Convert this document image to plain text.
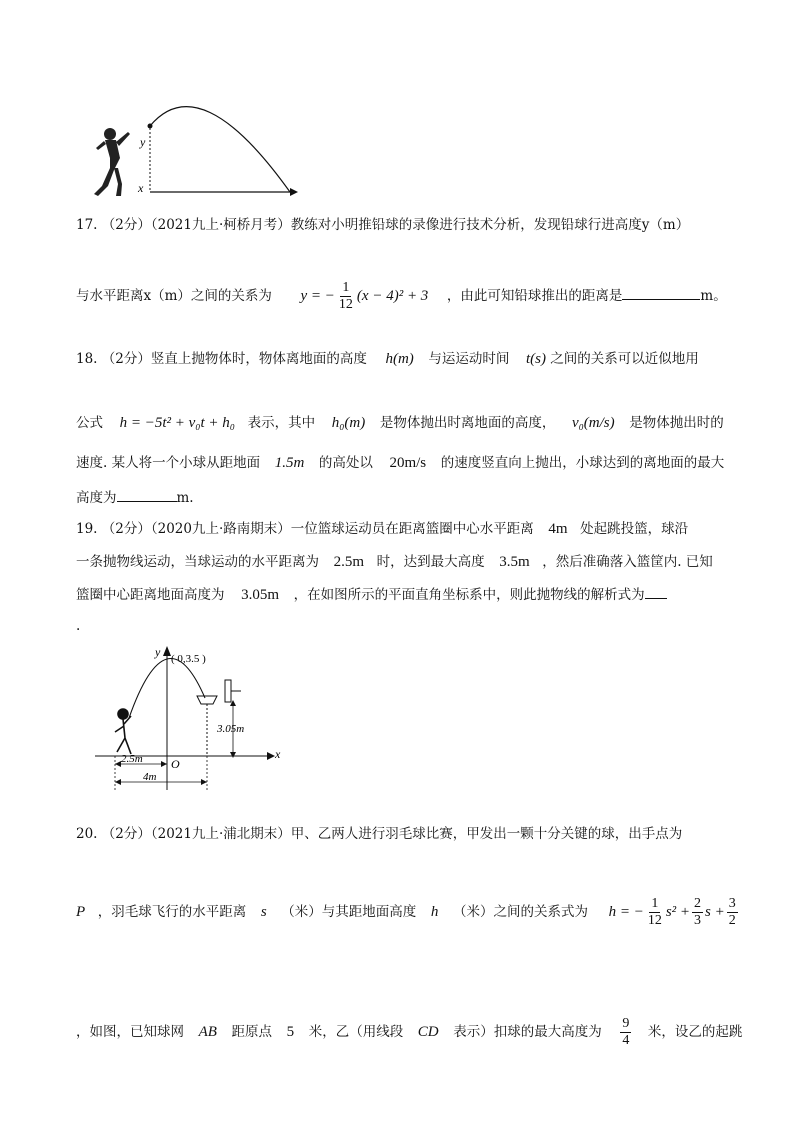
y
x
17. （2分）（2021九上·柯桥月考）教练对小明推铅球的录像进行技术分析，发现铅球行进高度y（m）
与水平距离x（m）之间的关系为 y = − $\frac{1}{12} (x - 4)^2 + 3$ ，由此可知铅球推出的距离是	m。
18. （2分）竖直上抛物体时，物体离地面的高度 h(m) 与运运动时间 t(s) 之间的关系可以近似地用
公式 h = −5t² + v₀t + h₀ 表示，其中 h₀(m) 是物体抛出时离地面的高度， v₀(m/s) 是物体抛出时的
速度. 某人将一个小球从距地面 1.5m 的高处以 20m/s 的速度竖直向上抛出，小球达到的离地面的最大
高度为	m.
19. （2分）（2020九上·路南期末）一位篮球运动员在距离篮圈中心水平距离 4m 处起跳投篮，球沿
一条抛物线运动，当球运动的水平距离为 2.5m 时，达到最大高度 3.5m ，然后准确落入篮筐内. 已知
篮圈中心距离地面高度为 3.05m ，在如图所示的平面直角坐标系中，则此抛物线的解析式为
.
x
y ( 0,3.5 )
3.05m
2.5m O
4m
20. （2分）（2021九上·浦北期末）甲、乙两人进行羽毛球比赛，甲发出一颗十分关键的球，出手点为
P ，羽毛球飞行的水平距离 s （米）与其距地面高度 h （米）之间的关系式为 h = − $\frac{1}{12} s^2 + \frac{2}{3}$ $s + \frac{3}{2}$
，如图，已知球网 AB 距原点 5 米，乙（用线段 CD 表示）扣球的最大高度为 $\frac{9}{4}$ 米，设乙的起跳
